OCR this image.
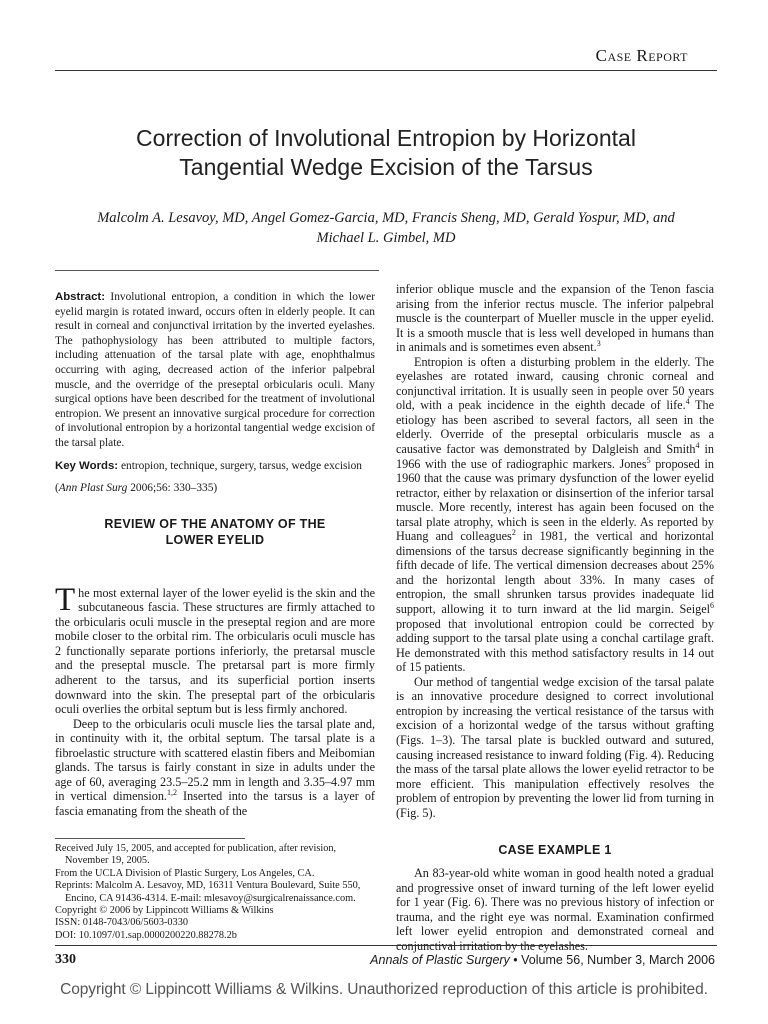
Case Report
Correction of Involutional Entropion by Horizontal
Tangential Wedge Excision of the Tarsus
Malcolm A. Lesavoy, MD, Angel Gomez-Garcia, MD, Francis Sheng, MD, Gerald Yospur, MD, and
Michael L. Gimbel, MD

Abstract: Involutional entropion, a condition in which the lower eyelid margin is rotated inward, occurs often in elderly people. It can result in corneal and conjunctival irritation by the inverted eyelashes. The pathophysiology has been attributed to multiple factors, including attenuation of the tarsal plate with age, enophthalmus occurring with aging, decreased action of the inferior palpebral muscle, and the overridge of the preseptal orbicularis oculi. Many surgical options have been described for the treatment of involutional entropion. We present an innovative surgical procedure for correction of involutional entropion by a horizontal tangential wedge excision of the tarsal plate.

Key Words: entropion, technique, surgery, tarsus, wedge excision

(Ann Plast Surg 2006;56: 330–335)

REVIEW OF THE ANATOMY OF THE
LOWER EYELID

The most external layer of the lower eyelid is the skin and the subcutaneous fascia. These structures are firmly attached to the orbicularis oculi muscle in the preseptal region and are more mobile closer to the orbital rim. The orbicularis oculi muscle has 2 functionally separate portions inferiorly, the pretarsal muscle and the preseptal muscle. The pretarsal part is more firmly adherent to the tarsus, and its superficial portion inserts downward into the skin. The preseptal part of the orbicularis oculi overlies the orbital septum but is less firmly anchored.

Deep to the orbicularis oculi muscle lies the tarsal plate and, in continuity with it, the orbital septum. The tarsal plate is a fibroelastic structure with scattered elastin fibers and Meibomian glands. The tarsus is fairly constant in size in adults under the age of 60, averaging 23.5–25.2 mm in length and 3.35–4.97 mm in vertical dimension.$^{1,2}$ Inserted into the tarsus is a layer of fascia emanating from the sheath of the

Received July 15, 2005, and accepted for publication, after revision, November 19, 2005.
From the UCLA Division of Plastic Surgery, Los Angeles, CA.
Reprints: Malcolm A. Lesavoy, MD, 16311 Ventura Boulevard, Suite 550, Encino, CA 91436-4314. E-mail: mlesavoy@surgicalrenaissance.com.
Copyright © 2006 by Lippincott Williams & Wilkins
ISSN: 0148-7043/06/5603-0330
DOI: 10.1097/01.sap.0000200220.88278.2b

inferior oblique muscle and the expansion of the Tenon fascia arising from the inferior rectus muscle. The inferior palpebral muscle is the counterpart of Mueller muscle in the upper eyelid. It is a smooth muscle that is less well developed in humans than in animals and is sometimes even absent.$^3$

Entropion is often a disturbing problem in the elderly. The eyelashes are rotated inward, causing chronic corneal and conjunctival irritation. It is usually seen in people over 50 years old, with a peak incidence in the eighth decade of life.$^4$ The etiology has been ascribed to several factors, all seen in the elderly. Override of the preseptal orbicularis muscle as a causative factor was demonstrated by Dalgleish and Smith$^4$ in 1966 with the use of radiographic markers. Jones$^5$ proposed in 1960 that the cause was primary dysfunction of the lower eyelid retractor, either by relaxation or disinsertion of the inferior tarsal muscle. More recently, interest has again been focused on the tarsal plate atrophy, which is seen in the elderly. As reported by Huang and colleagues$^2$ in 1981, the vertical and horizontal dimensions of the tarsus decrease significantly beginning in the fifth decade of life. The vertical dimension decreases about 25% and the horizontal length about 33%. In many cases of entropion, the small shrunken tarsus provides inadequate lid support, allowing it to turn inward at the lid margin. Seigel$^6$ proposed that involutional entropion could be corrected by adding support to the tarsal plate using a conchal cartilage graft. He demonstrated with this method satisfactory results in 14 out of 15 patients.

Our method of tangential wedge excision of the tarsal palate is an innovative procedure designed to correct involutional entropion by increasing the vertical resistance of the tarsus with excision of a horizontal wedge of the tarsus without grafting (Figs. 1–3). The tarsal plate is buckled outward and sutured, causing increased resistance to inward folding (Fig. 4). Reducing the mass of the tarsal plate allows the lower eyelid retractor to be more efficient. This manipulation effectively resolves the problem of entropion by preventing the lower lid from turning in (Fig. 5).

CASE EXAMPLE 1

An 83-year-old white woman in good health noted a gradual and progressive onset of inward turning of the left lower eyelid for 1 year (Fig. 6). There was no previous history of infection or trauma, and the right eye was normal. Examination confirmed left lower eyelid entropion and demonstrated corneal and conjunctival irritation by the eyelashes.

330	Annals of Plastic Surgery • Volume 56, Number 3, March 2006
Copyright © Lippincott Williams & Wilkins. Unauthorized reproduction of this article is prohibited.
